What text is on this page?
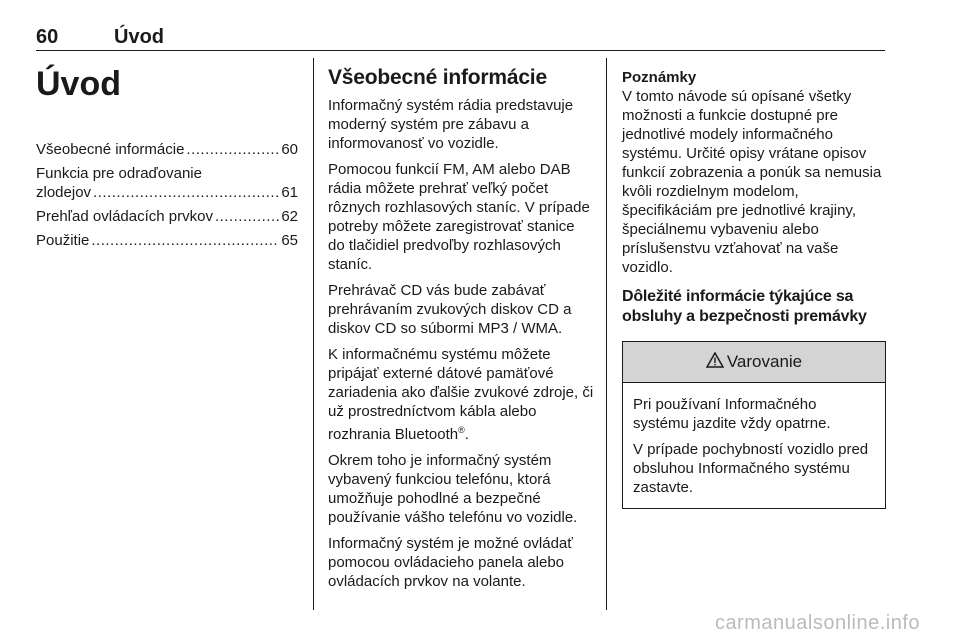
60	Úvod
Úvod
Všeobecné informácie .....	60
Funkcia pre odraďovanie
zlodejov .....	61
Prehľad ovládacích prvkov .....	62
Použitie .....	65
Všeobecné informácie

Informačný systém rádia predstavuje moderný systém pre zábavu a informovanosť vo vozidle.

Pomocou funkcií FM, AM alebo DAB rádia môžete prehrať veľký počet rôznych rozhlasových staníc. V prípade potreby môžete zaregistrovať stanice do tlačidiel predvoľby rozhlasových staníc.

Prehrávač CD vás bude zabávať prehrávaním zvukových diskov CD a diskov CD so súbormi MP3 / WMA.

K informačnému systému môžete pripájať externé dátové pamäťové zariadenia ako ďalšie zvukové zdroje, či už prostredníctvom kábla alebo rozhrania Bluetooth®.

Okrem toho je informačný systém vybavený funkciou telefónu, ktorá umožňuje pohodlné a bezpečné používanie vášho telefónu vo vozidle.

Informačný systém je možné ovládať pomocou ovládacieho panela alebo ovládacích prvkov na volante.

Poznámky

V tomto návode sú opísané všetky možnosti a funkcie dostupné pre jednotlivé modely informačného systému. Určité opisy vrátane opisov funkcií zobrazenia a ponúk sa nemusia kvôli rozdielnym modelom, špecifikáciám pre jednotlivé krajiny, špeciálnemu vybaveniu alebo príslušenstvu vzťahovať na vaše vozidlo.

Dôležité informácie týkajúce sa obsluhy a bezpečnosti premávky
Varovanie

Pri používaní Informačného systému jazdite vždy opatrne.

V prípade pochybností vozidlo pred obsluhou Informačného systému zastavte.

carmanualsonline.info
